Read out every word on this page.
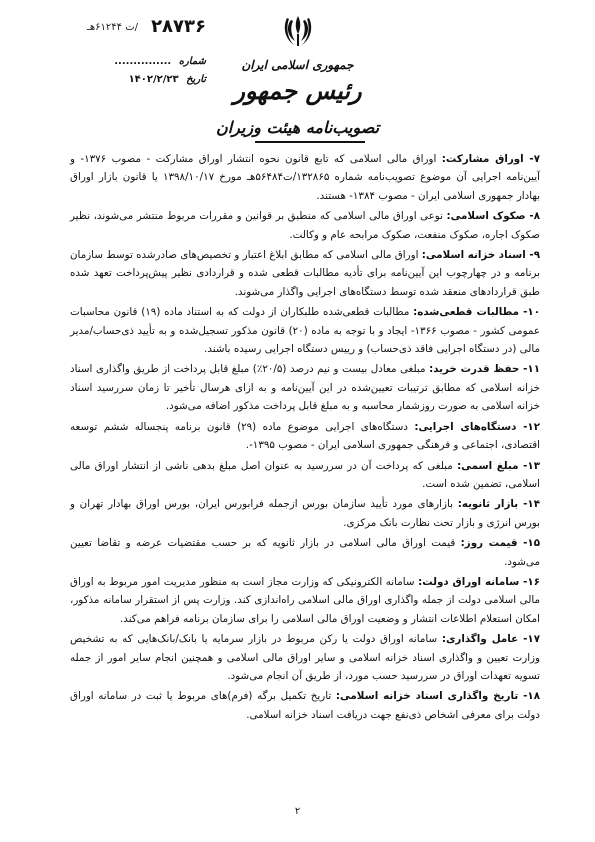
۲۸۷۳۶
/ت ۶۱۲۴۴هـ
شماره ...............
تاریخ ۱۴۰۲/۲/۲۳
جمهوری اسلامی ایران
رئیس جمهور
تصویب‌نامه هیئت وزیران

۷- اوراق مشارکت: اوراق مالی اسلامی که تابع قانون نحوه انتشار اوراق مشارکت - مصوب ۱۳۷۶- و آیین‌نامه اجرایی آن موضوع تصویب‌نامه شماره ۱۳۲۸۶۵/ت۵۶۴۸۴هـ مورخ ۱۳۹۸/۱۰/۱۷ یا قانون بازار اوراق بهادار جمهوری اسلامی ایران - مصوب ۱۳۸۴- هستند.

۸- صکوک اسلامی: نوعی اوراق مالی اسلامی که منطبق بر قوانین و مقررات مربوط منتشر می‌شوند، نظیر صکوک اجاره، صکوک منفعت، صکوک مرابحه عام و وکالت.

۹- اسناد خزانه اسلامی: اوراق مالی اسلامی که مطابق ابلاغ اعتبار و تخصیص‌های صادرشده توسط سازمان برنامه و در چهارچوب این آیین‌نامه برای تأدیه مطالبات قطعی شده و قراردادی نظیر پیش‌پرداخت تعهد شده طبق قراردادهای منعقد شده توسط دستگاه‌های اجرایی واگذار می‌شوند.

۱۰- مطالبات قطعی‌شده: مطالبات قطعی‌شده طلبکاران از دولت که به استناد ماده (۱۹) قانون محاسبات عمومی کشور - مصوب ۱۳۶۶- ایجاد و با توجه به ماده (۲۰) قانون مذکور تسجیل‌شده و به تأیید ذی‌حساب/مدیر مالی (در دستگاه اجرایی فاقد ذی‌حساب) و رییس دستگاه اجرایی رسیده باشند.

۱۱- حفظ قدرت خرید: مبلغی معادل بیست و نیم درصد (۲۰/۵٪) مبلغ قابل پرداخت از طریق واگذاری اسناد خزانه اسلامی که مطابق ترتیبات تعیین‌شده در این آیین‌نامه و به ازای هرسال تأخیر تا زمان سررسید اسناد خزانه اسلامی به صورت روزشمار محاسبه و به مبلغ قابل پرداخت مذکور اضافه می‌شود.

۱۲- دستگاه‌های اجرایی: دستگاه‌های اجرایی موضوع ماده (۲۹) قانون برنامه پنجساله ششم توسعه اقتصادی، اجتماعی و فرهنگی جمهوری اسلامی ایران - مصوب ۱۳۹۵-.

۱۳- مبلغ اسمی: مبلغی که پرداخت آن در سررسید به عنوان اصل مبلغ بدهی ناشی از انتشار اوراق مالی اسلامی، تضمین شده است.

۱۴- بازار ثانویه: بازارهای مورد تأیید سازمان بورس ازجمله فرابورس ایران، بورس اوراق بهادار تهران و بورس انرژی و بازار تحت نظارت بانک مرکزی.

۱۵- قیمت روز: قیمت اوراق مالی اسلامی در بازار ثانویه که بر حسب مقتضیات عرضه و تقاضا تعیین می‌شود.

۱۶- سامانه اوراق دولت: سامانه الکترونیکی که وزارت مجاز است به منظور مدیریت امور مربوط به اوراق مالی اسلامی دولت از جمله واگذاری اوراق مالی اسلامی راه‌اندازی کند. وزارت پس از استقرار سامانه مذکور، امکان استعلام اطلاعات انتشار و وضعیت اوراق مالی اسلامی را برای سازمان برنامه فراهم می‌کند.

۱۷- عامل واگذاری: سامانه اوراق دولت یا رکن مربوط در بازار سرمایه یا بانک/بانک‌هایی که به تشخیص وزارت تعیین و واگذاری اسناد خزانه اسلامی و سایر اوراق مالی اسلامی و همچنین انجام سایر امور از جمله تسویه تعهدات اوراق در سررسید حسب مورد، از طریق آن انجام می‌شود.

۱۸- تاریخ واگذاری اسناد خزانه اسلامی: تاریخ تکمیل برگه (فرم)های مربوط یا ثبت در سامانه اوراق دولت برای معرفی اشخاص ذی‌نفع جهت دریافت اسناد خزانه اسلامی.

۲
